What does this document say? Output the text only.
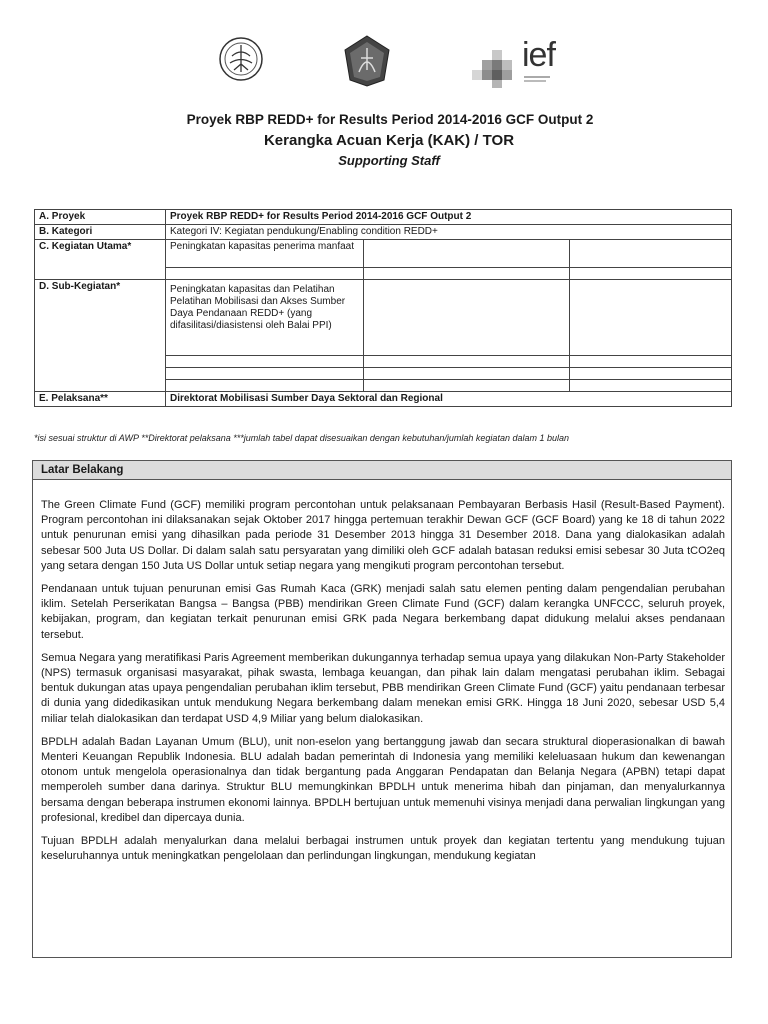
ief
Proyek RBP REDD+ for Results Period 2014-2016 GCF Output 2
Kerangka Acuan Kerja (KAK) / TOR
Supporting Staff
A. Proyek	Proyek RBP REDD+ for Results Period 2014-2016 GCF Output 2		
B. Kategori	Kategori IV: Kegiatan pendukung/Enabling condition REDD+		
C. Kegiatan Utama*	Peningkatan kapasitas penerima manfaat		

D. Sub-Kegiatan*	Peningkatan kapasitas dan Pelatihan Pelatihan Mobilisasi dan Akses Sumber Daya Pendanaan REDD+ (yang difasilitasi/diasistensi oleh Balai PPI)		

E. Pelaksana**	Direktorat Mobilisasi Sumber Daya Sektoral dan Regional		
*isi sesuai struktur di AWP **Direktorat pelaksana ***jumlah tabel dapat disesuaikan dengan kebutuhan/jumlah kegiatan dalam 1 bulan
Latar Belakang

The Green Climate Fund (GCF) memiliki program percontohan untuk pelaksanaan Pembayaran Berbasis Hasil (Result-Based Payment). Program percontohan ini dilaksanakan sejak Oktober 2017 hingga pertemuan terakhir Dewan GCF (GCF Board) yang ke 18 di tahun 2022 untuk penurunan emisi yang dihasilkan pada periode 31 Desember 2013 hingga 31 Desember 2018. Dana yang dialokasikan adalah sebesar 500 Juta US Dollar. Di dalam salah satu persyaratan yang dimiliki oleh GCF adalah batasan reduksi emisi sebesar 30 Juta tCO2eq yang setara dengan 150 Juta US Dollar untuk setiap negara yang mengikuti program percontohan tersebut.

Pendanaan untuk tujuan penurunan emisi Gas Rumah Kaca (GRK) menjadi salah satu elemen penting dalam pengendalian perubahan iklim. Setelah Perserikatan Bangsa – Bangsa (PBB) mendirikan Green Climate Fund (GCF) dalam kerangka UNFCCC, seluruh proyek, kebijakan, program, dan kegiatan terkait penurunan emisi GRK pada Negara berkembang dapat didukung melalui akses pendanaan tersebut.

Semua Negara yang meratifikasi Paris Agreement memberikan dukungannya terhadap semua upaya yang dilakukan Non-Party Stakeholder (NPS) termasuk organisasi masyarakat, pihak swasta, lembaga keuangan, dan pihak lain dalam mengatasi perubahan iklim. Sebagai bentuk dukungan atas upaya pengendalian perubahan iklim tersebut, PBB mendirikan Green Climate Fund (GCF) yaitu pendanaan terbesar di dunia yang didedikasikan untuk mendukung Negara berkembang dalam menekan emisi GRK. Hingga 18 Juni 2020, sebesar USD 5,4 miliar telah dialokasikan dan terdapat USD 4,9 Miliar yang belum dialokasikan.

BPDLH adalah Badan Layanan Umum (BLU), unit non-eselon yang bertanggung jawab dan secara struktural dioperasionalkan di bawah Menteri Keuangan Republik Indonesia. BLU adalah badan pemerintah di Indonesia yang memiliki keleluasaan hukum dan kewenangan otonom untuk mengelola operasionalnya dan tidak bergantung pada Anggaran Pendapatan dan Belanja Negara (APBN) tetapi dapat memperoleh sumber dana darinya. Struktur BLU memungkinkan BPDLH untuk menerima hibah dan pinjaman, dan menyalurkannya bersama dengan beberapa instrumen ekonomi lainnya. BPDLH bertujuan untuk memenuhi visinya menjadi dana perwalian lingkungan yang profesional, kredibel dan dipercaya dunia.

Tujuan BPDLH adalah menyalurkan dana melalui berbagai instrumen untuk proyek dan kegiatan tertentu yang mendukung tujuan keseluruhannya untuk meningkatkan pengelolaan dan perlindungan lingkungan, mendukung kegiatan
